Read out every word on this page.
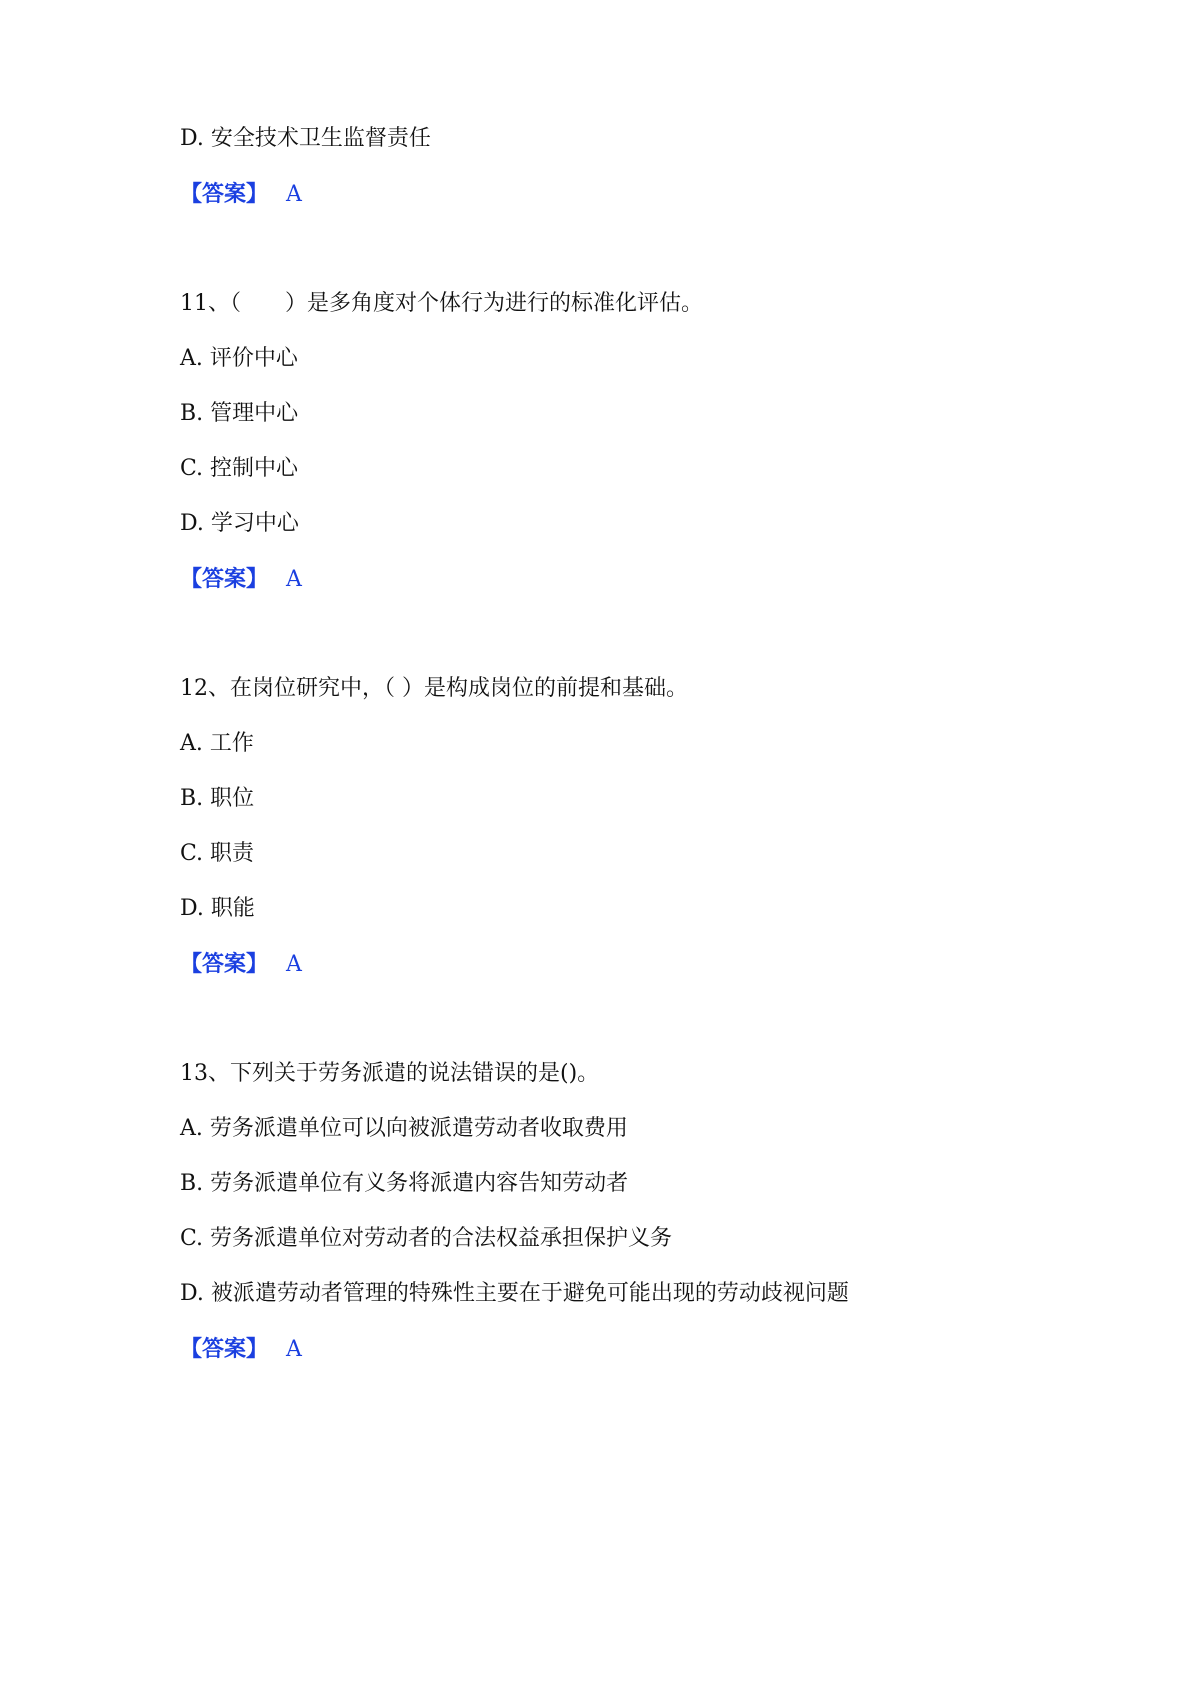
D. 安全技术卫生监督责任
【答案】 A
11、（　　）是多角度对个体行为进行的标准化评估。
A. 评价中心
B. 管理中心
C. 控制中心
D. 学习中心
【答案】 A
12、在岗位研究中，（ ）是构成岗位的前提和基础。
A. 工作
B. 职位
C. 职责
D. 职能
【答案】 A
13、下列关于劳务派遣的说法错误的是()。
A. 劳务派遣单位可以向被派遣劳动者收取费用
B. 劳务派遣单位有义务将派遣内容告知劳动者
C. 劳务派遣单位对劳动者的合法权益承担保护义务
D. 被派遣劳动者管理的特殊性主要在于避免可能出现的劳动歧视问题
【答案】 A
